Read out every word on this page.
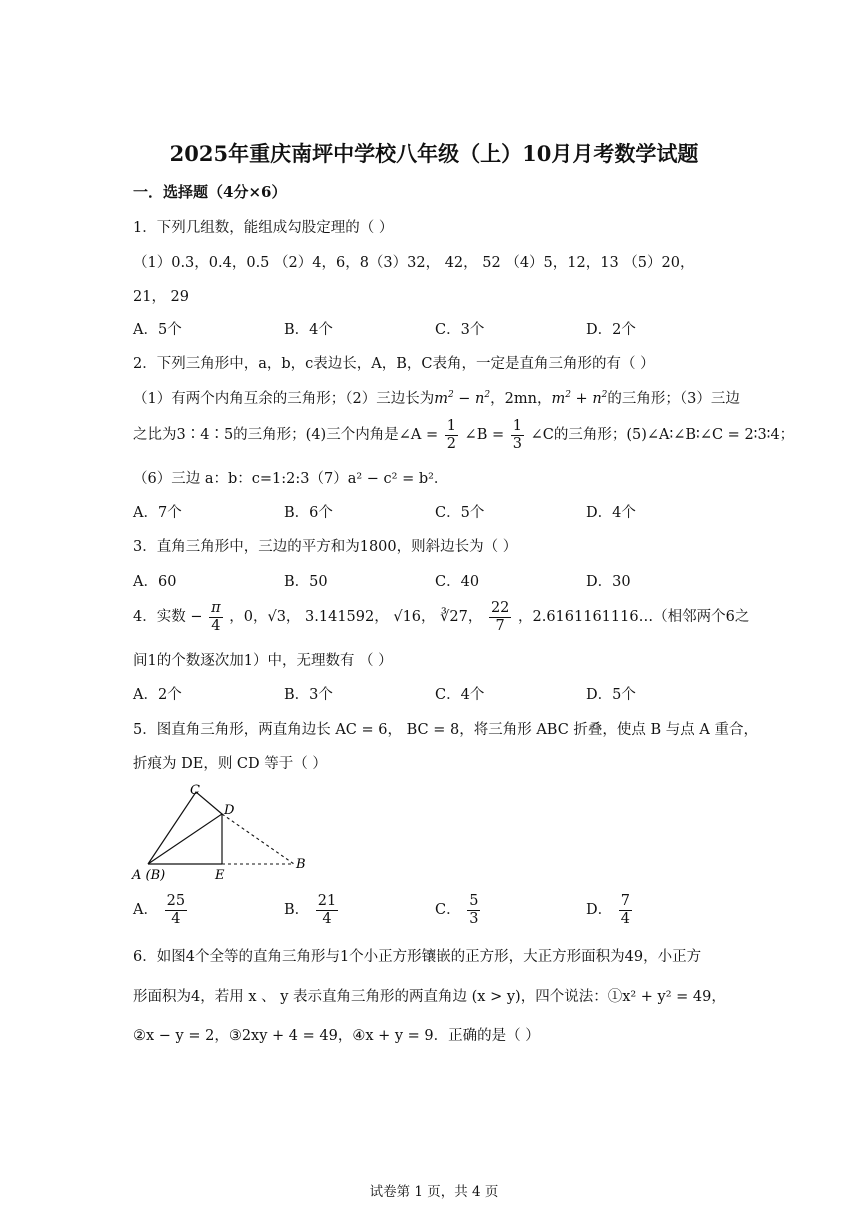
2025年重庆南坪中学校八年级（上）10月月考数学试题
一．选择题（4分×6）
1．下列几组数，能组成勾股定理的（ ）
（1）0.3，0.4，0.5 （2）4，6，8（3）32， 42， 52 （4）5，12，13 （5）20，
21， 29
A．5个	B．4个	C．3个	D．2个
2．下列三角形中，a，b，c表边长，A，B，C表角，一定是直角三角形的有（ ）
（1）有两个内角互余的三角形；（2）三边长为$m^2 - n^2$，2mn，$m^2 + n^2$的三角形；（3）三边
之比为3∶4∶5的三角形；(4)三个内角是∠A = $\frac{1}{2}$ ∠B = $\frac{1}{3}$ ∠C的三角形；(5)∠A∶∠B∶∠C = 2∶3∶4；
（6）三边 a：b：c=1:2:3（7）a² − c² = b²．
A．7个	B．6个	C．5个	D．4个
3．直角三角形中，三边的平方和为1800，则斜边长为（ ）
A．60	B．50	C．40	D．30
4．实数 − $\frac{\pi}{4}$ ，0，√3， 3.141592， √16， ∛27， $\frac{22}{7}$ ，2.6161161116…（相邻两个6之
间1的个数逐次加1）中，无理数有 （ ）
A．2个	B．3个	C．4个	D．5个
5．图直角三角形，两直角边长 AC = 6， BC = 8，将三角形 ABC 折叠，使点 B 与点 A 重合，
折痕为 DE，则 CD 等于（ ）
C
D
A (B)	E
B
A． $\frac{25}{4}$	B． $\frac{21}{4}$	C． $\frac{5}{3}$	D． $\frac{7}{4}$
6．如图4个全等的直角三角形与1个小正方形镶嵌的正方形，大正方形面积为49，小正方
形面积为4，若用 x 、 y 表示直角三角形的两直角边 (x > y)，四个说法：①x² + y² = 49，
②x − y = 2，③2xy + 4 = 49，④x + y = 9．正确的是（ ）
试卷第 1 页，共 4 页
